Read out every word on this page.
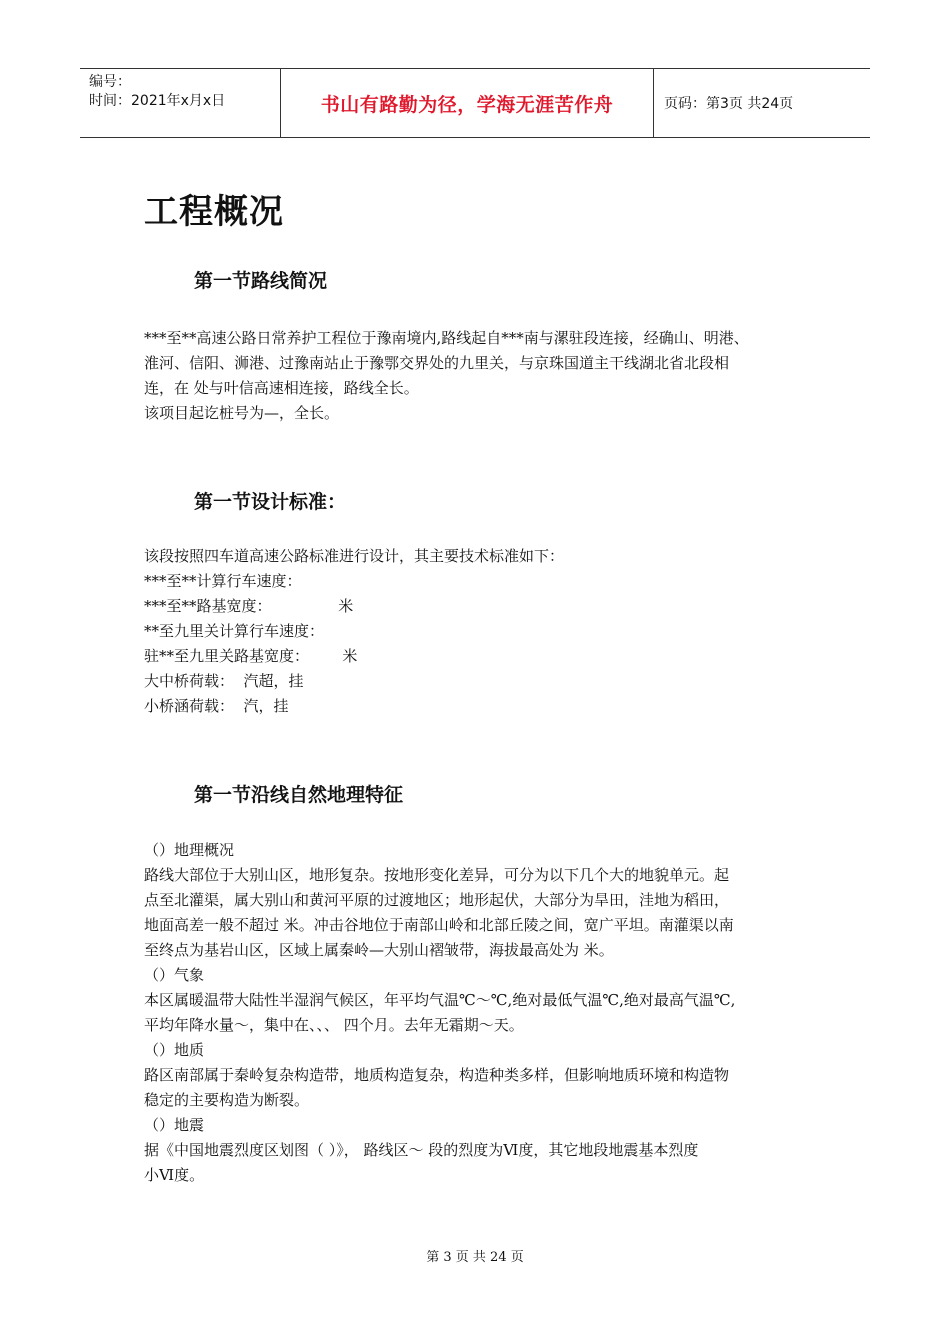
编号：
时间：2021年x月x日	书山有路勤为径，学海无涯苦作舟	页码：第3页 共24页
工程概况
第一节路线简况
***至**高速公路日常养护工程位于豫南境内,路线起自***南与漯驻段连接，经确山、明港、
淮河、信阳、浉港、过豫南站止于豫鄂交界处的九里关，与京珠国道主干线湖北省北段相
连，在 处与叶信高速相连接，路线全长。
该项目起讫桩号为—，全长。
第一节设计标准：
该段按照四车道高速公路标准进行设计，其主要技术标准如下：
***至**计算行车速度：
***至**路基宽度：              米
**至九里关计算行车速度：
驻**至九里关路基宽度：       米
大中桥荷载：  汽超，挂
小桥涵荷载：  汽，挂
第一节沿线自然地理特征
（）地理概况
路线大部位于大别山区，地形复杂。按地形变化差异，可分为以下几个大的地貌单元。起
点至北灌渠，属大别山和黄河平原的过渡地区；地形起伏，大部分为旱田，洼地为稻田，
地面高差一般不超过 米。冲击谷地位于南部山岭和北部丘陵之间，宽广平坦。南灌渠以南
至终点为基岩山区，区域上属秦岭—大别山褶皱带，海拔最高处为 米。
（）气象
本区属暖温带大陆性半湿润气候区，年平均气温℃～℃,绝对最低气温℃,绝对最高气温℃,
平均年降水量～，集中在、、、 四个月。去年无霜期～天。
（）地质
路区南部属于秦岭复杂构造带，地质构造复杂，构造种类多样，但影响地质环境和构造物
稳定的主要构造为断裂。
（）地震
据《中国地震烈度区划图（ ）》， 路线区～ 段的烈度为Ⅵ度，其它地段地震基本烈度
小Ⅵ度。
第 3 页 共 24 页
